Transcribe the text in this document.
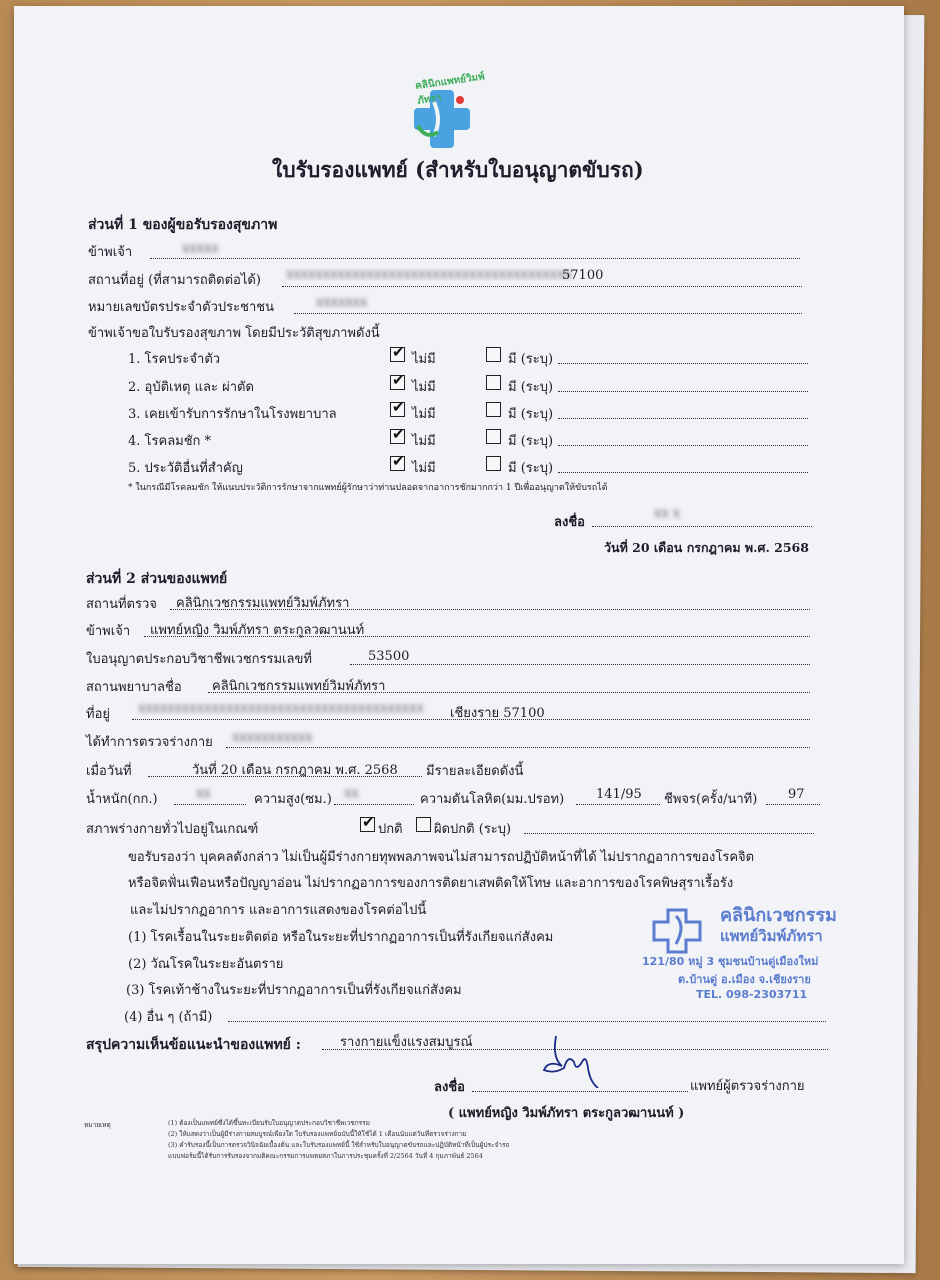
คลินิกแพทย์วิมพ์ภัทรา
ใบรับรองแพทย์ (สำหรับใบอนุญาตขับรถ)
ส่วนที่ 1 ของผู้ขอรับรองสุขภาพ
ข้าพเจ้า	xxxxx
สถานที่อยู่ (ที่สามารถติดต่อได้) xxxxxxxxxxxxxxxxxxxxxxxxxxxxxxxxxxxxxxx
57100
หมายเลขบัตรประจำตัวประชาชน	xxxxxxx
ข้าพเจ้าขอใบรับรองสุขภาพ โดยมีประวัติสุขภาพดังนี้
1. โรคประจำตัว	✔ ไม่มี	มี (ระบุ)
2. อุบัติเหตุ และ ผ่าตัด	✔ ไม่มี	มี (ระบุ)
3. เคยเข้ารับการรักษาในโรงพยาบาล	✔ ไม่มี	มี (ระบุ)
4. โรคลมชัก *	✔ ไม่มี	มี (ระบุ)
5. ประวัติอื่นที่สำคัญ	✔ ไม่มี	มี (ระบุ)
* ในกรณีมีโรคลมชัก ให้แนบประวัติการรักษาจากแพทย์ผู้รักษาว่าท่านปลอดจากอาการชักมากกว่า 1 ปีเพื่ออนุญาตให้ขับรถได้
ลงชื่อ
xx x
วันที่ 20 เดือน กรกฎาคม พ.ศ. 2568
ส่วนที่ 2 ส่วนของแพทย์
สถานที่ตรวจ คลินิกเวชกรรมแพทย์วิมพ์ภัทรา
ข้าพเจ้า แพทย์หญิง วิมพ์ภัทรา ตระกูลวฒานนท์
ใบอนุญาตประกอบวิชาชีพเวชกรรมเลขที่	53500
สถานพยาบาลชื่อ คลินิกเวชกรรมแพทย์วิมพ์ภัทรา
ที่อยู่ xxxxxxxxxxxxxxxxxxxxxxxxxxxxxxxxxxxxxxx เชียงราย 57100
ได้ทำการตรวจร่างกาย xxxxxxxxxxx
เมื่อวันที่	วันที่ 20 เดือน กรกฎาคม พ.ศ. 2568 มีรายละเอียดดังนี้
น้ำหนัก(กก.)	xx	ความสูง(ซม.) xx	ความดันโลหิต(มม.ปรอท) 141/95 ชีพจร(ครั้ง/นาที) 97
สภาพร่างกายทั่วไปอยู่ในเกณฑ์	✔ ปกติ ผิดปกติ (ระบุ)
ขอรับรองว่า บุคคลดังกล่าว ไม่เป็นผู้มีร่างกายทุพพลภาพจนไม่สามารถปฏิบัติหน้าที่ได้ ไม่ปรากฏอาการของโรคจิต
หรือจิตฟั่นเฟือนหรือปัญญาอ่อน ไม่ปรากฏอาการของการติดยาเสพติดให้โทษ และอาการของโรคพิษสุราเรื้อรัง
และไม่ปรากฏอาการ และอาการแสดงของโรคต่อไปนี้
(1) โรคเรื้อนในระยะติดต่อ หรือในระยะที่ปรากฏอาการเป็นที่รังเกียจแก่สังคม
(2) วัณโรคในระยะอันตราย
(3) โรคเท้าช้างในระยะที่ปรากฏอาการเป็นที่รังเกียจแก่สังคม
(4) อื่น ๆ (ถ้ามี)
สรุปความเห็นข้อแนะนำของแพทย์ :	รางกายแข็งแรงสมบูรณ์
ลงชื่อ	แพทย์ผู้ตรวจร่างกาย
( แพทย์หญิง วิมพ์ภัทรา ตระกูลวฒานนท์ )
คลินิกเวชกรรม
แพทย์วิมพ์ภัทรา
121/80 หมู่ 3 ชุมชนบ้านดู่เมืองใหม่
ต.บ้านดู่ อ.เมือง จ.เชียงราย
TEL. 098-2303711
หมายเหตุ	(1) ต้องเป็นแพทย์ซึ่งได้ขึ้นทะเบียนรับใบอนุญาตประกอบวิชาชีพเวชกรรม
(2) ให้แสดงว่าเป็นผู้มีร่างกายสมบูรณ์เพียงใด ใบรับรองแพทย์ฉบับนี้ให้ใช้ได้ 1 เดือนนับแต่วันที่ตรวจร่างกาย
(3) คำรับรองนี้เป็นการตรวจวินิจฉัยเบื้องต้น และใบรับรองแพทย์นี้ ใช้สำหรับใบอนุญาตขับรถและปฏิบัติหน้าที่เป็นผู้ประจำรถ
แบบฟอร์มนี้ได้รับการรับรองจากมติคณะกรรมการแพทยสภาในการประชุมครั้งที่ 2/2564 วันที่ 4 กุมภาพันธ์ 2564
